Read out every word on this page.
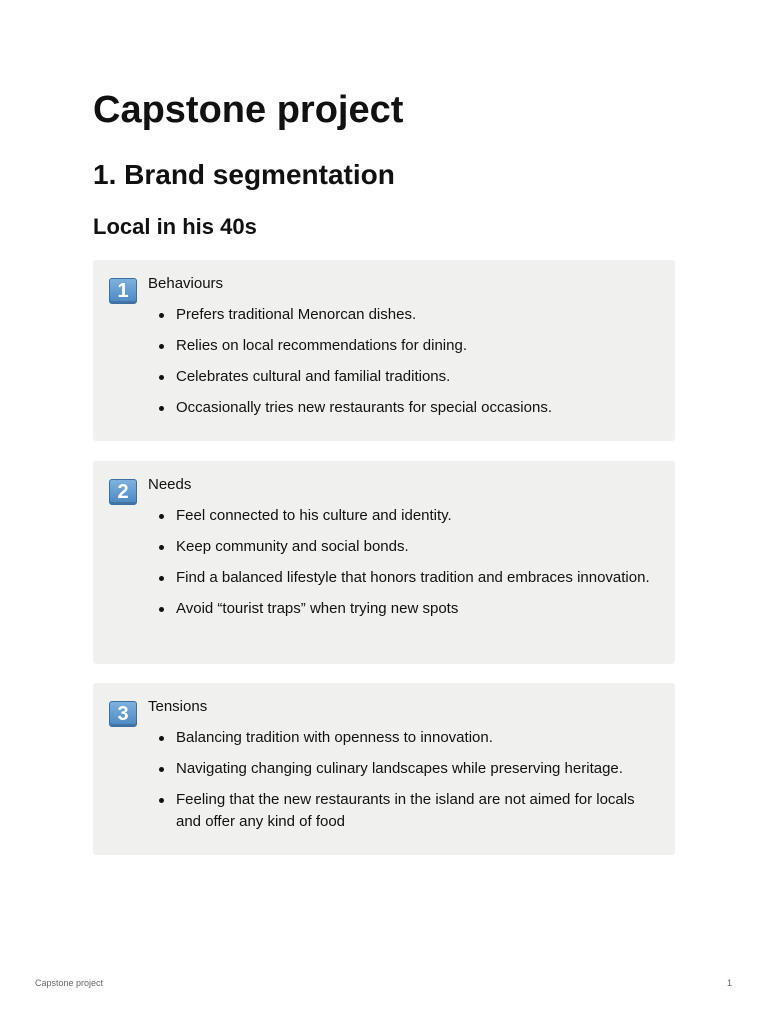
Capstone project
1. Brand segmentation
Local in his 40s
1	Behaviours
Prefers traditional Menorcan dishes.
Relies on local recommendations for dining.
Celebrates cultural and familial traditions.
Occasionally tries new restaurants for special occasions.
2	Needs
Feel connected to his culture and identity.
Keep community and social bonds.
Find a balanced lifestyle that honors tradition and embraces innovation.
Avoid “tourist traps” when trying new spots
3	Tensions
Balancing tradition with openness to innovation.
Navigating changing culinary landscapes while preserving heritage.
Feeling that the new restaurants in the island are not aimed for locals and offer any kind of food
Capstone project	1
